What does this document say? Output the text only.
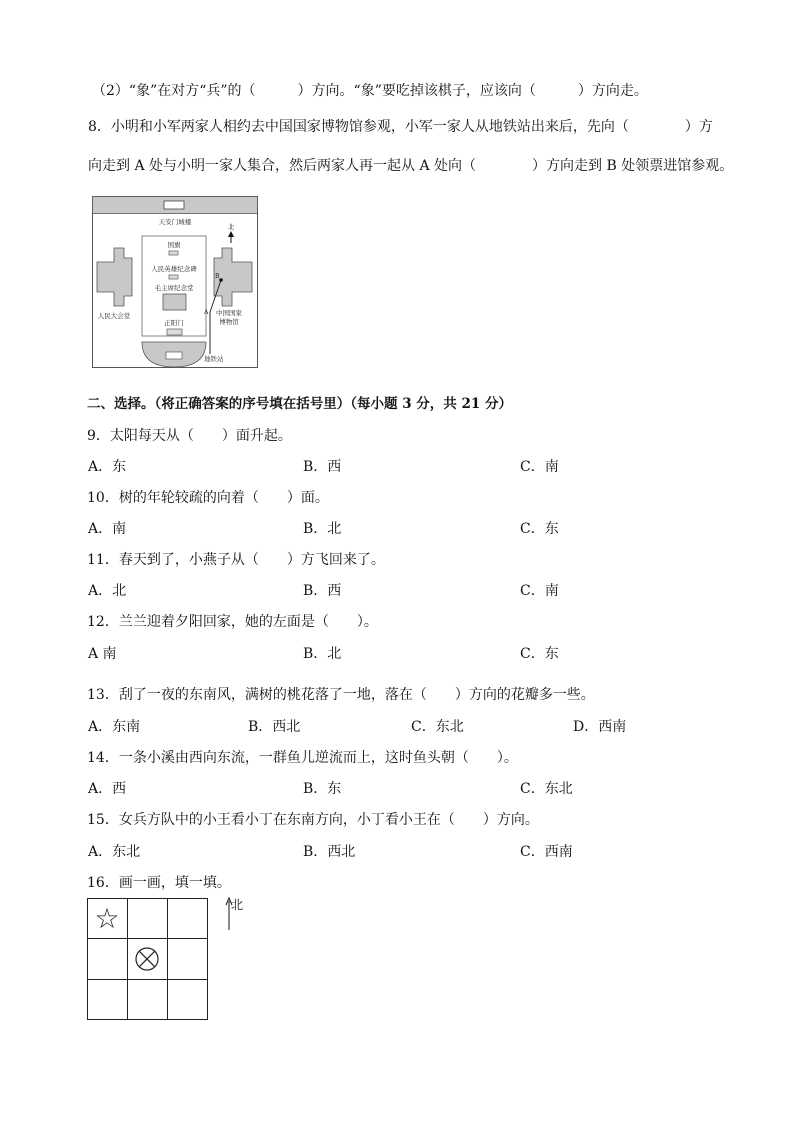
（2）“象”在对方“兵”的（　　　）方向。“象”要吃掉该棋子，应该向（　　　）方向走。
8．小明和小军两家人相约去中国国家博物馆参观，小军一家人从地铁站出来后，先向（　　　　）方
向走到 A 处与小明一家人集合，然后两家人再一起从 A 处向（　　　　）方向走到 B 处领票进馆参观。
天安门城楼
国旗
人民英雄纪念碑
毛主席纪念堂
正阳门
人民大会堂	中国国家
博物馆
北
A
B
地铁站
二、选择。（将正确答案的序号填在括号里）（每小题 3 分，共 21 分）
9．太阳每天从（　　）面升起。
A．东	B．西	C．南
10．树的年轮较疏的向着（　　）面。
A．南	B．北	C．东
11．春天到了，小燕子从（　　）方飞回来了。
A．北	B．西	C．南
12．兰兰迎着夕阳回家，她的左面是（　　）。
A 南	B．北	C．东
13．刮了一夜的东南风，满树的桃花落了一地，落在（　　）方向的花瓣多一些。
A．东南	B．西北	C．东北	D．西南
14．一条小溪由西向东流，一群鱼儿逆流而上，这时鱼头朝（　　）。
A．西	B．东	C．东北
15．女兵方队中的小王看小丁在东南方向，小丁看小王在（　　）方向。
A．东北	B．西北	C．西南
16．画一画，填一填。
☆	北
